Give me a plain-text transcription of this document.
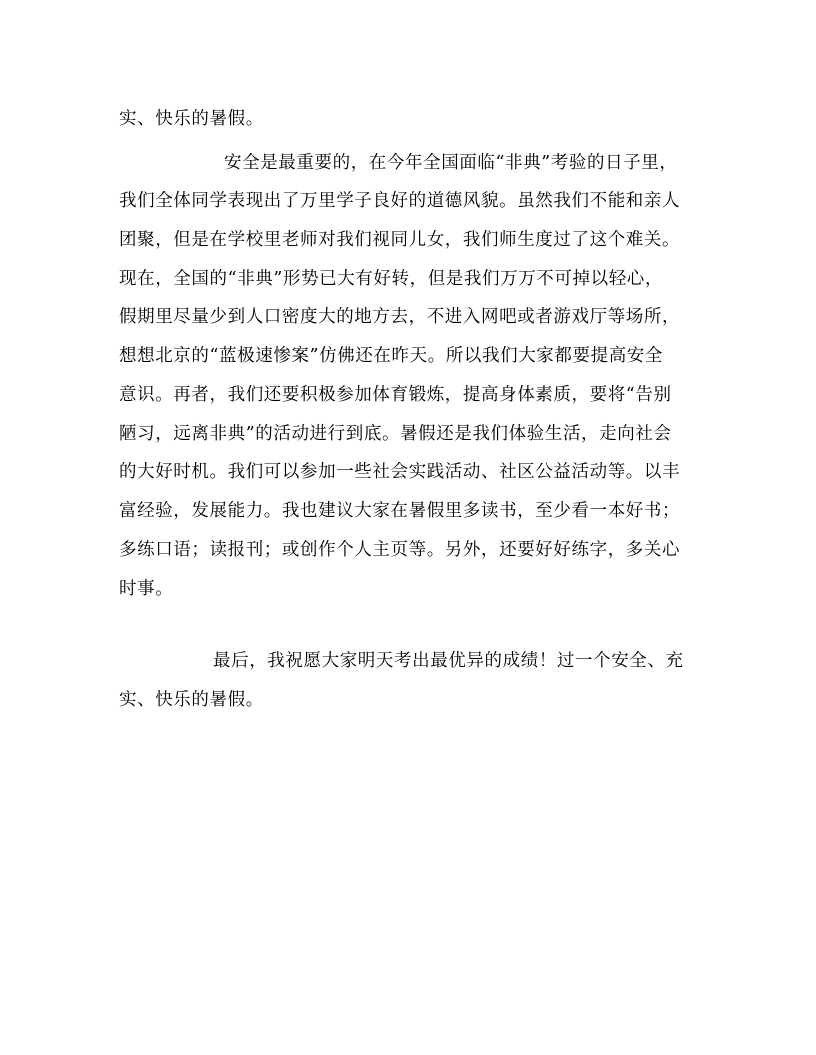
实、快乐的暑假。
安全是最重要的，在今年全国面临“非典”考验的日子里，
我们全体同学表现出了万里学子良好的道德风貌。虽然我们不能和亲人
团聚，但是在学校里老师对我们视同儿女，我们师生度过了这个难关。
现在，全国的“非典”形势已大有好转，但是我们万万不可掉以轻心，
假期里尽量少到人口密度大的地方去，不进入网吧或者游戏厅等场所，
想想北京的“蓝极速惨案”仿佛还在昨天。所以我们大家都要提高安全
意识。再者，我们还要积极参加体育锻炼，提高身体素质，要将“告别
陋习，远离非典”的活动进行到底。暑假还是我们体验生活，走向社会
的大好时机。我们可以参加一些社会实践活动、社区公益活动等。以丰
富经验，发展能力。我也建议大家在暑假里多读书，至少看一本好书；
多练口语；读报刊；或创作个人主页等。另外，还要好好练字，多关心
时事。
最后，我祝愿大家明天考出最优异的成绩！过一个安全、充
实、快乐的暑假。
